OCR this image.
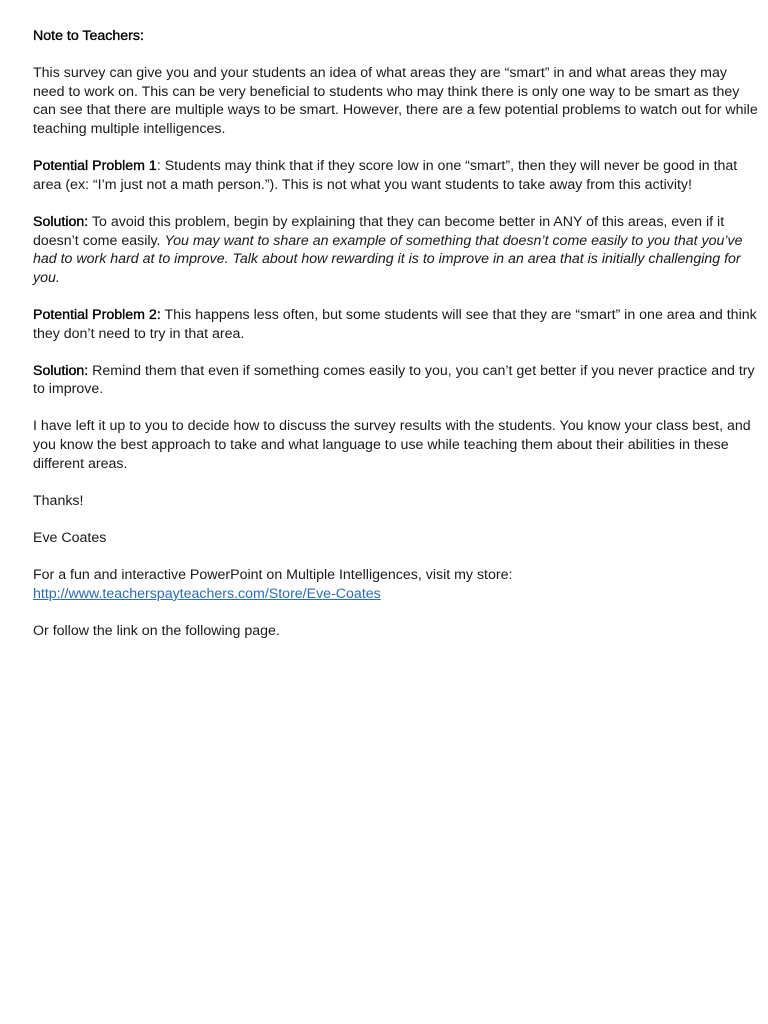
Note to Teachers:

This survey can give you and your students an idea of what areas they are “smart” in and what areas they may need to work on. This can be very beneficial to students who may think there is only one way to be smart as they can see that there are multiple ways to be smart. However, there are a few potential problems to watch out for while teaching multiple intelligences.

Potential Problem 1: Students may think that if they score low in one “smart”, then they will never be good in that area (ex: “I’m just not a math person.”). This is not what you want students to take away from this activity!

Solution: To avoid this problem, begin by explaining that they can become better in ANY of this areas, even if it doesn’t come easily. You may want to share an example of something that doesn’t come easily to you that you’ve had to work hard at to improve. Talk about how rewarding it is to improve in an area that is initially challenging for you.

Potential Problem 2: This happens less often, but some students will see that they are “smart” in one area and think they don’t need to try in that area.

Solution: Remind them that even if something comes easily to you, you can’t get better if you never practice and try to improve.

I have left it up to you to decide how to discuss the survey results with the students. You know your class best, and you know the best approach to take and what language to use while teaching them about their abilities in these different areas.

Thanks!

Eve Coates

For a fun and interactive PowerPoint on Multiple Intelligences, visit my store:
http://www.teacherspayteachers.com/Store/Eve-Coates

Or follow the link on the following page.
